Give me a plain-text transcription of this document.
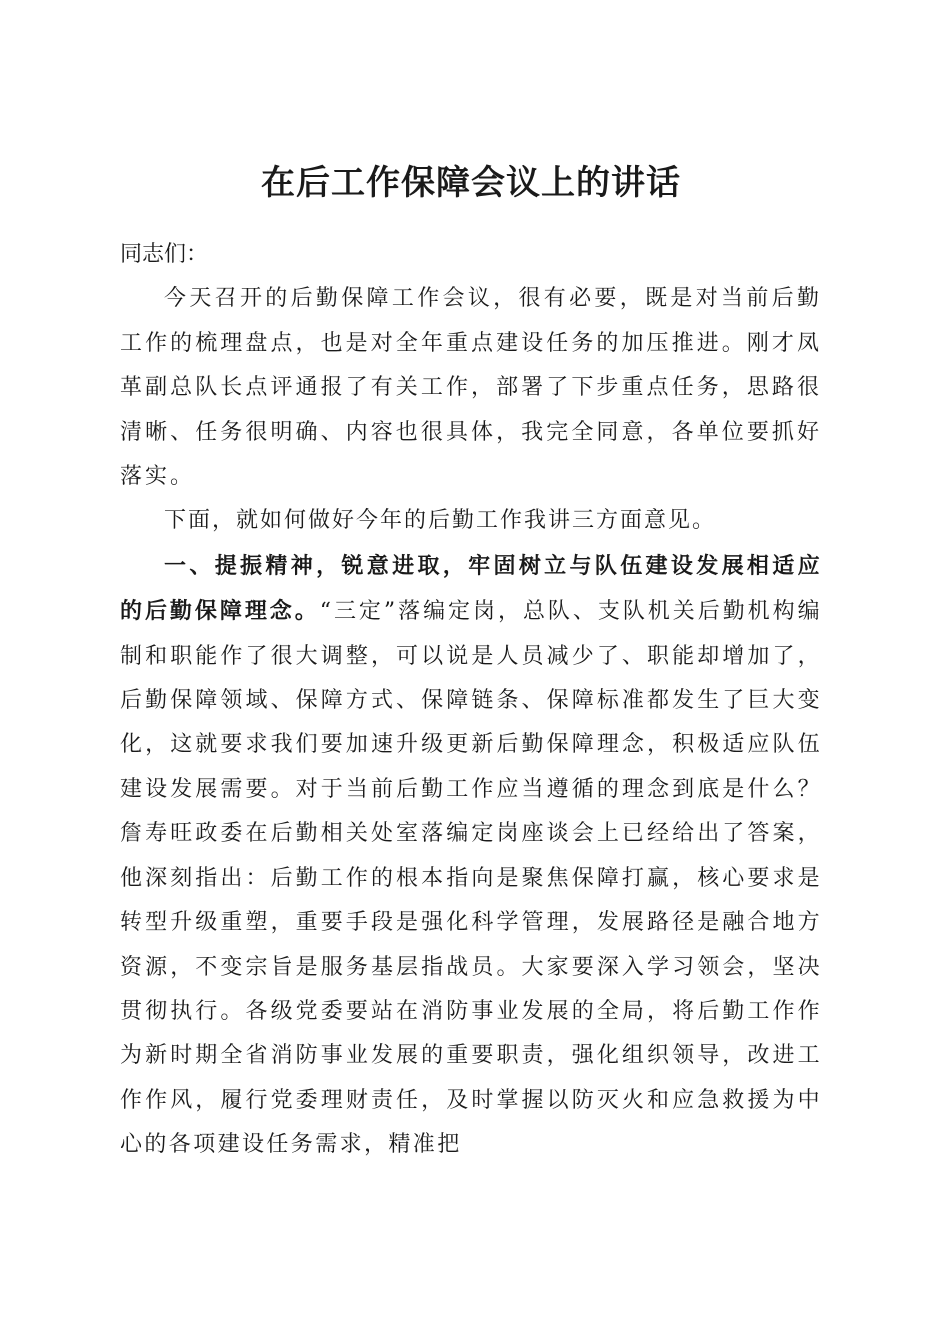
在后工作保障会议上的讲话

同志们：

今天召开的后勤保障工作会议，很有必要，既是对当前后勤工作的梳理盘点，也是对全年重点建设任务的加压推进。刚才凤革副总队长点评通报了有关工作，部署了下步重点任务，思路很清晰、任务很明确、内容也很具体，我完全同意，各单位要抓好落实。

下面，就如何做好今年的后勤工作我讲三方面意见。

一、提振精神，锐意进取，牢固树立与队伍建设发展相适应的后勤保障理念。“三定”落编定岗，总队、支队机关后勤机构编制和职能作了很大调整，可以说是人员减少了、职能却增加了，后勤保障领域、保障方式、保障链条、保障标准都发生了巨大变化，这就要求我们要加速升级更新后勤保障理念，积极适应队伍建设发展需要。对于当前后勤工作应当遵循的理念到底是什么？詹寿旺政委在后勤相关处室落编定岗座谈会上已经给出了答案，他深刻指出：后勤工作的根本指向是聚焦保障打赢，核心要求是转型升级重塑，重要手段是强化科学管理，发展路径是融合地方资源，不变宗旨是服务基层指战员。大家要深入学习领会，坚决贯彻执行。各级党委要站在消防事业发展的全局，将后勤工作作为新时期全省消防事业发展的重要职责，强化组织领导，改进工作作风，履行党委理财责任，及时掌握以防灭火和应急救援为中心的各项建设任务需求，精准把
